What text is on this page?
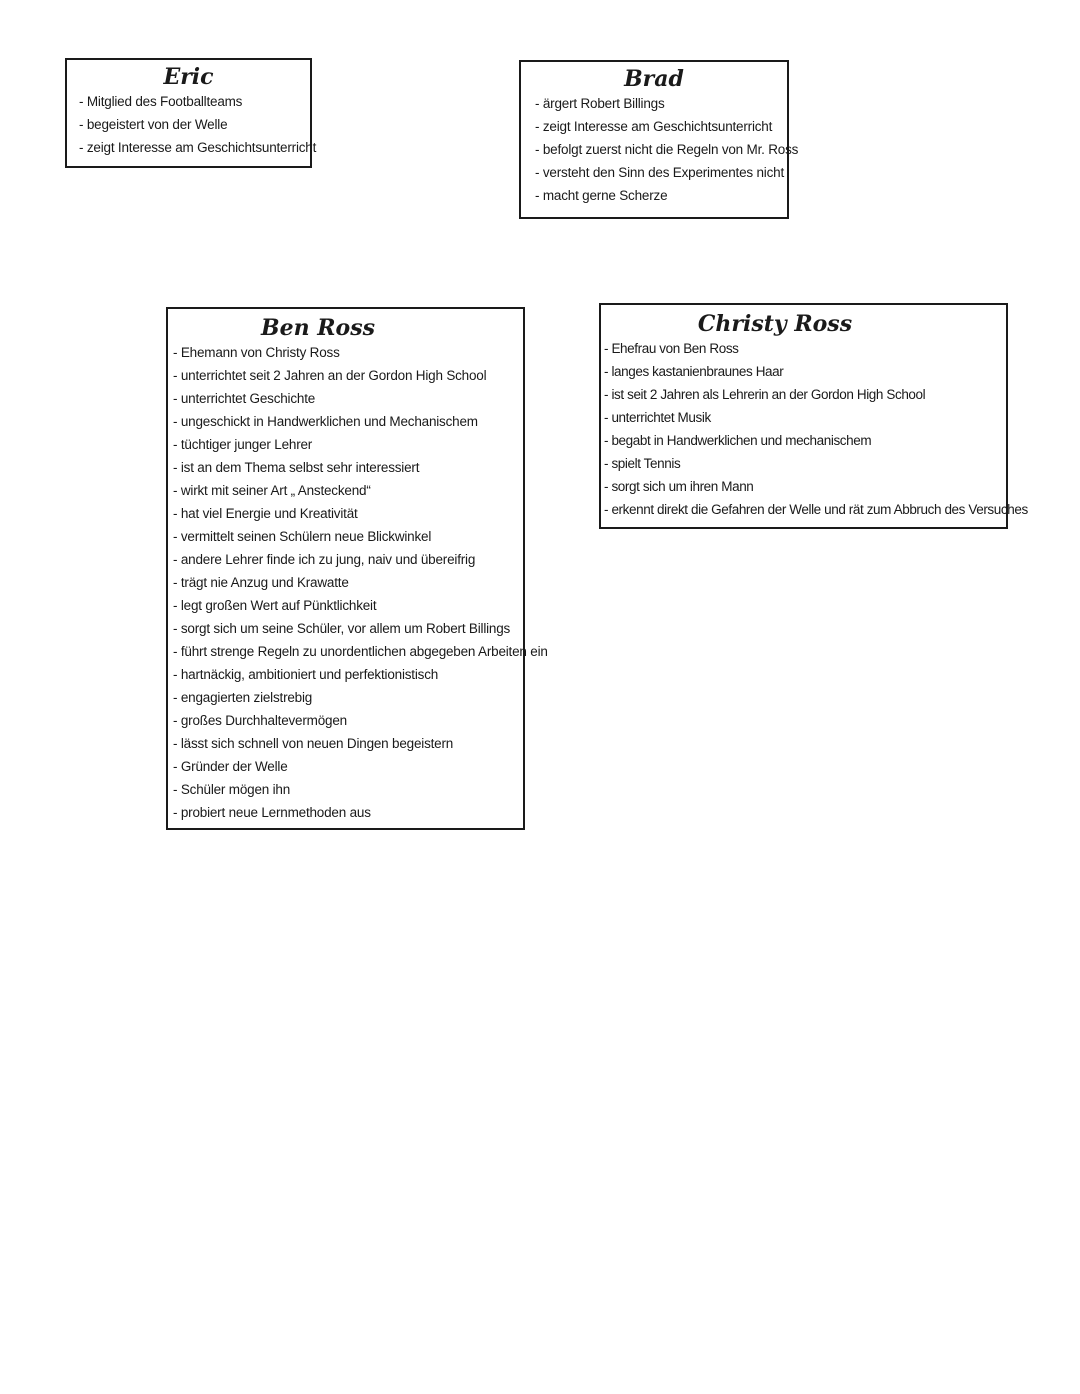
Eric
- Mitglied des Footballteams
- begeistert von der Welle
- zeigt Interesse am Geschichtsunterricht
Brad
- ärgert Robert Billings
- zeigt Interesse am Geschichtsunterricht
- befolgt zuerst nicht die Regeln von Mr. Ross
- versteht den Sinn des Experimentes nicht
- macht gerne Scherze
Ben Ross
- Ehemann von Christy Ross
- unterrichtet seit 2 Jahren an der Gordon High School
- unterrichtet Geschichte
- ungeschickt in Handwerklichen und Mechanischem
- tüchtiger junger Lehrer
- ist an dem Thema selbst sehr interessiert
- wirkt mit seiner Art „ Ansteckend“
- hat viel Energie und Kreativität
- vermittelt seinen Schülern neue Blickwinkel
- andere Lehrer finde ich zu jung, naiv und übereifrig
- trägt nie Anzug und Krawatte
- legt großen Wert auf Pünktlichkeit
- sorgt sich um seine Schüler, vor allem um Robert Billings
- führt strenge Regeln zu unordentlichen abgegeben Arbeiten ein
- hartnäckig, ambitioniert und perfektionistisch
- engagierten zielstrebig
- großes Durchhaltevermögen
- lässt sich schnell von neuen Dingen begeistern
- Gründer der Welle
- Schüler mögen ihn
- probiert neue Lernmethoden aus
Christy Ross
- Ehefrau von Ben Ross
- langes kastanienbraunes Haar
- ist seit 2 Jahren als Lehrerin an der Gordon High School
- unterrichtet Musik
- begabt in Handwerklichen und mechanischem
- spielt Tennis
- sorgt sich um ihren Mann
- erkennt direkt die Gefahren der Welle und rät zum Abbruch des Versuches
